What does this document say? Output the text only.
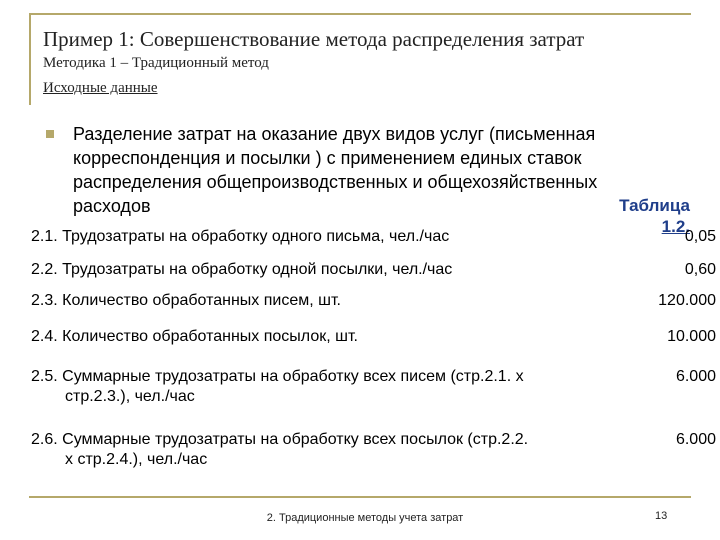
Пример 1: Совершенствование метода распределения затрат
Методика 1 – Традиционный метод
Исходные данные
Разделение затрат на оказание двух видов услуг (письменная корреспонденция и посылки ) с применением единых ставок распределения общепроизводственных и общехозяйственных расходов	Таблица
1.2.
2.1. Трудозатраты на обработку одного письма, чел./час	0,05
2.2. Трудозатраты на обработку одной посылки, чел./час	0,60
2.3. Количество обработанных писем, шт.	120.000
2.4. Количество обработанных посылок, шт.	10.000
2.5. Суммарные трудозатраты на обработку всех писем (стр.2.1. х
стр.2.3.), чел./час
6.000
2.6. Суммарные трудозатраты на обработку всех посылок (стр.2.2.
х стр.2.4.), чел./час
6.000
2. Традиционные методы учета затрат	13
